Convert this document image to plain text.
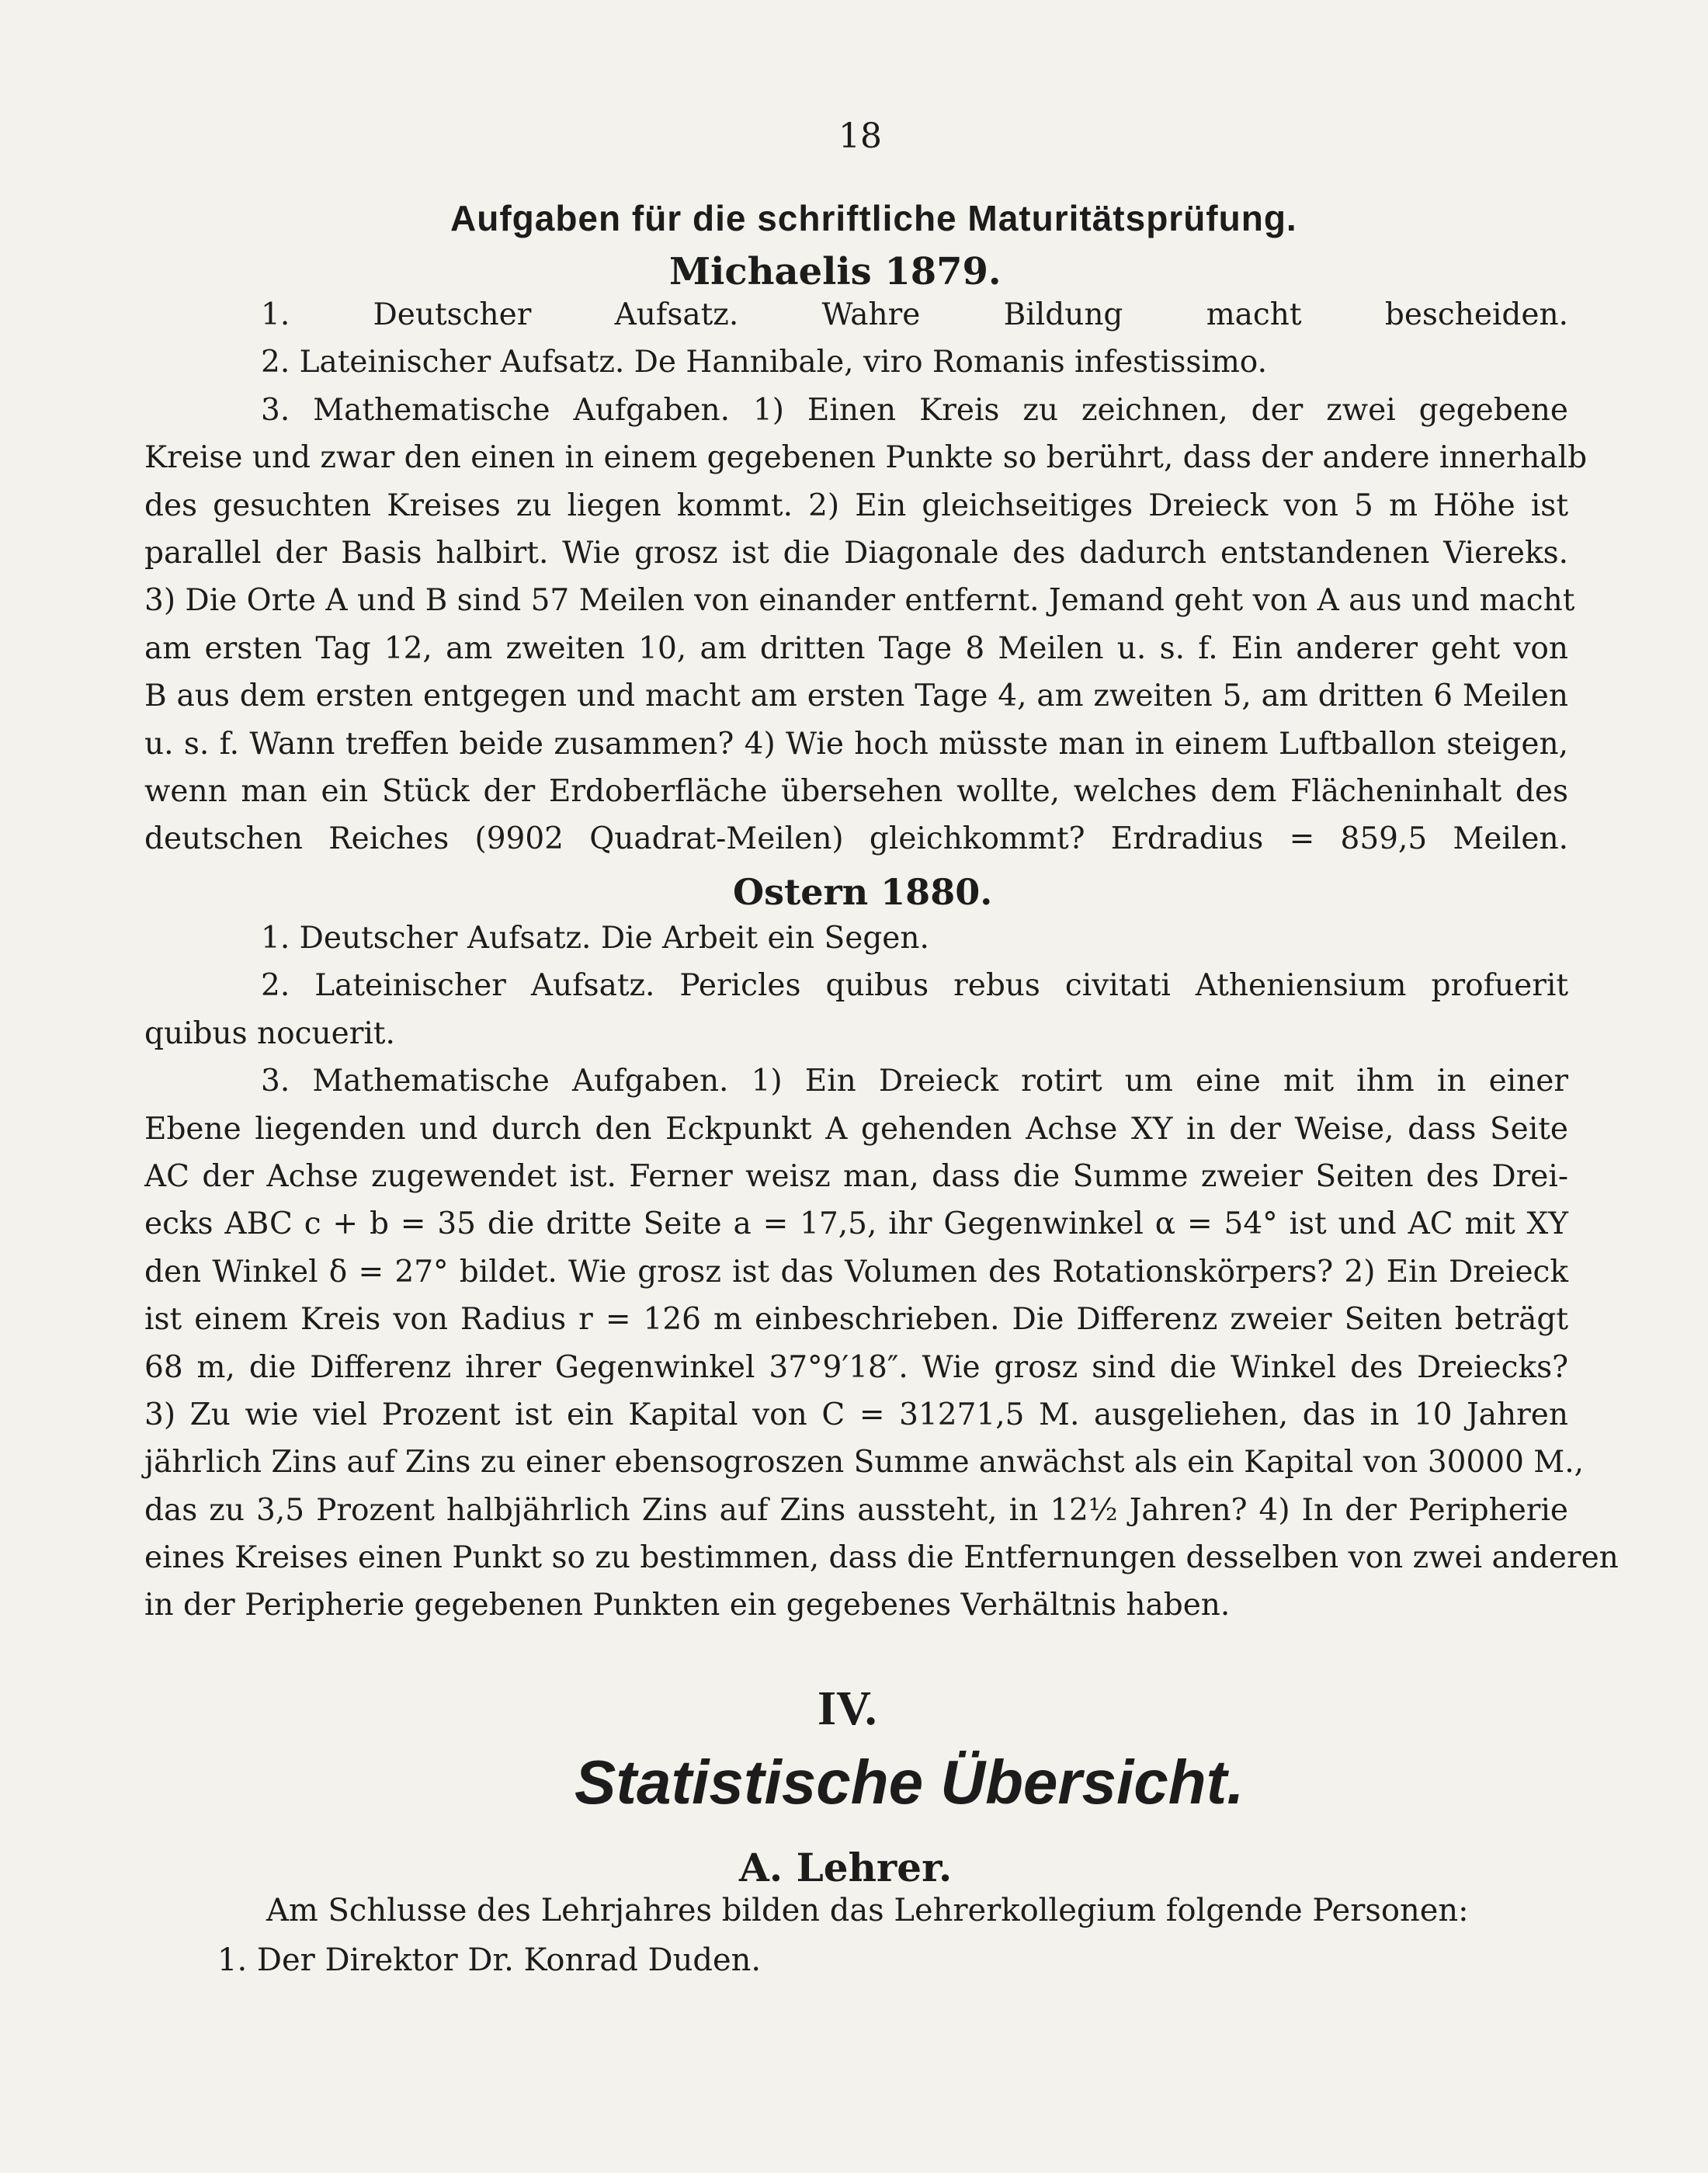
18
Aufgaben für die schriftliche Maturitätsprüfung.
Michaelis 1879.
1. Deutscher Aufsatz. Wahre Bildung macht bescheiden.
2. Lateinischer Aufsatz. De Hannibale, viro Romanis infestissimo.
3. Mathematische Aufgaben. 1) Einen Kreis zu zeichnen, der zwei gegebene
Kreise und zwar den einen in einem gegebenen Punkte so berührt, dass der andere innerhalb
des gesuchten Kreises zu liegen kommt. 2) Ein gleichseitiges Dreieck von 5 m Höhe ist
parallel der Basis halbirt. Wie grosz ist die Diagonale des dadurch entstandenen Viereks.
3) Die Orte A und B sind 57 Meilen von einander entfernt. Jemand geht von A aus und macht
am ersten Tag 12, am zweiten 10, am dritten Tage 8 Meilen u. s. f. Ein anderer geht von
B aus dem ersten entgegen und macht am ersten Tage 4, am zweiten 5, am dritten 6 Meilen
u. s. f. Wann treffen beide zusammen? 4) Wie hoch müsste man in einem Luftballon steigen,
wenn man ein Stück der Erdoberfläche übersehen wollte, welches dem Flächeninhalt des
deutschen Reiches (9902 Quadrat-Meilen) gleichkommt? Erdradius = 859,5 Meilen.
Ostern 1880.
1. Deutscher Aufsatz. Die Arbeit ein Segen.
2. Lateinischer Aufsatz. Pericles quibus rebus civitati Atheniensium profuerit
quibus nocuerit.
3. Mathematische Aufgaben. 1) Ein Dreieck rotirt um eine mit ihm in einer
Ebene liegenden und durch den Eckpunkt A gehenden Achse XY in der Weise, dass Seite
AC der Achse zugewendet ist. Ferner weisz man, dass die Summe zweier Seiten des Drei-
ecks ABC c + b = 35 die dritte Seite a = 17,5, ihr Gegenwinkel α = 54° ist und AC mit XY
den Winkel δ = 27° bildet. Wie grosz ist das Volumen des Rotationskörpers? 2) Ein Dreieck
ist einem Kreis von Radius r = 126 m einbeschrieben. Die Differenz zweier Seiten beträgt
68 m, die Differenz ihrer Gegenwinkel 37°9′18″. Wie grosz sind die Winkel des Dreiecks?
3) Zu wie viel Prozent ist ein Kapital von C = 31271,5 M. ausgeliehen, das in 10 Jahren
jährlich Zins auf Zins zu einer ebensogroszen Summe anwächst als ein Kapital von 30000 M.,
das zu 3,5 Prozent halbjährlich Zins auf Zins aussteht, in 12½ Jahren? 4) In der Peripherie
eines Kreises einen Punkt so zu bestimmen, dass die Entfernungen desselben von zwei anderen
in der Peripherie gegebenen Punkten ein gegebenes Verhältnis haben.
IV.
Statistische Übersicht.
A. Lehrer.
Am Schlusse des Lehrjahres bilden das Lehrerkollegium folgende Personen:
1. Der Direktor Dr. Konrad Duden.
